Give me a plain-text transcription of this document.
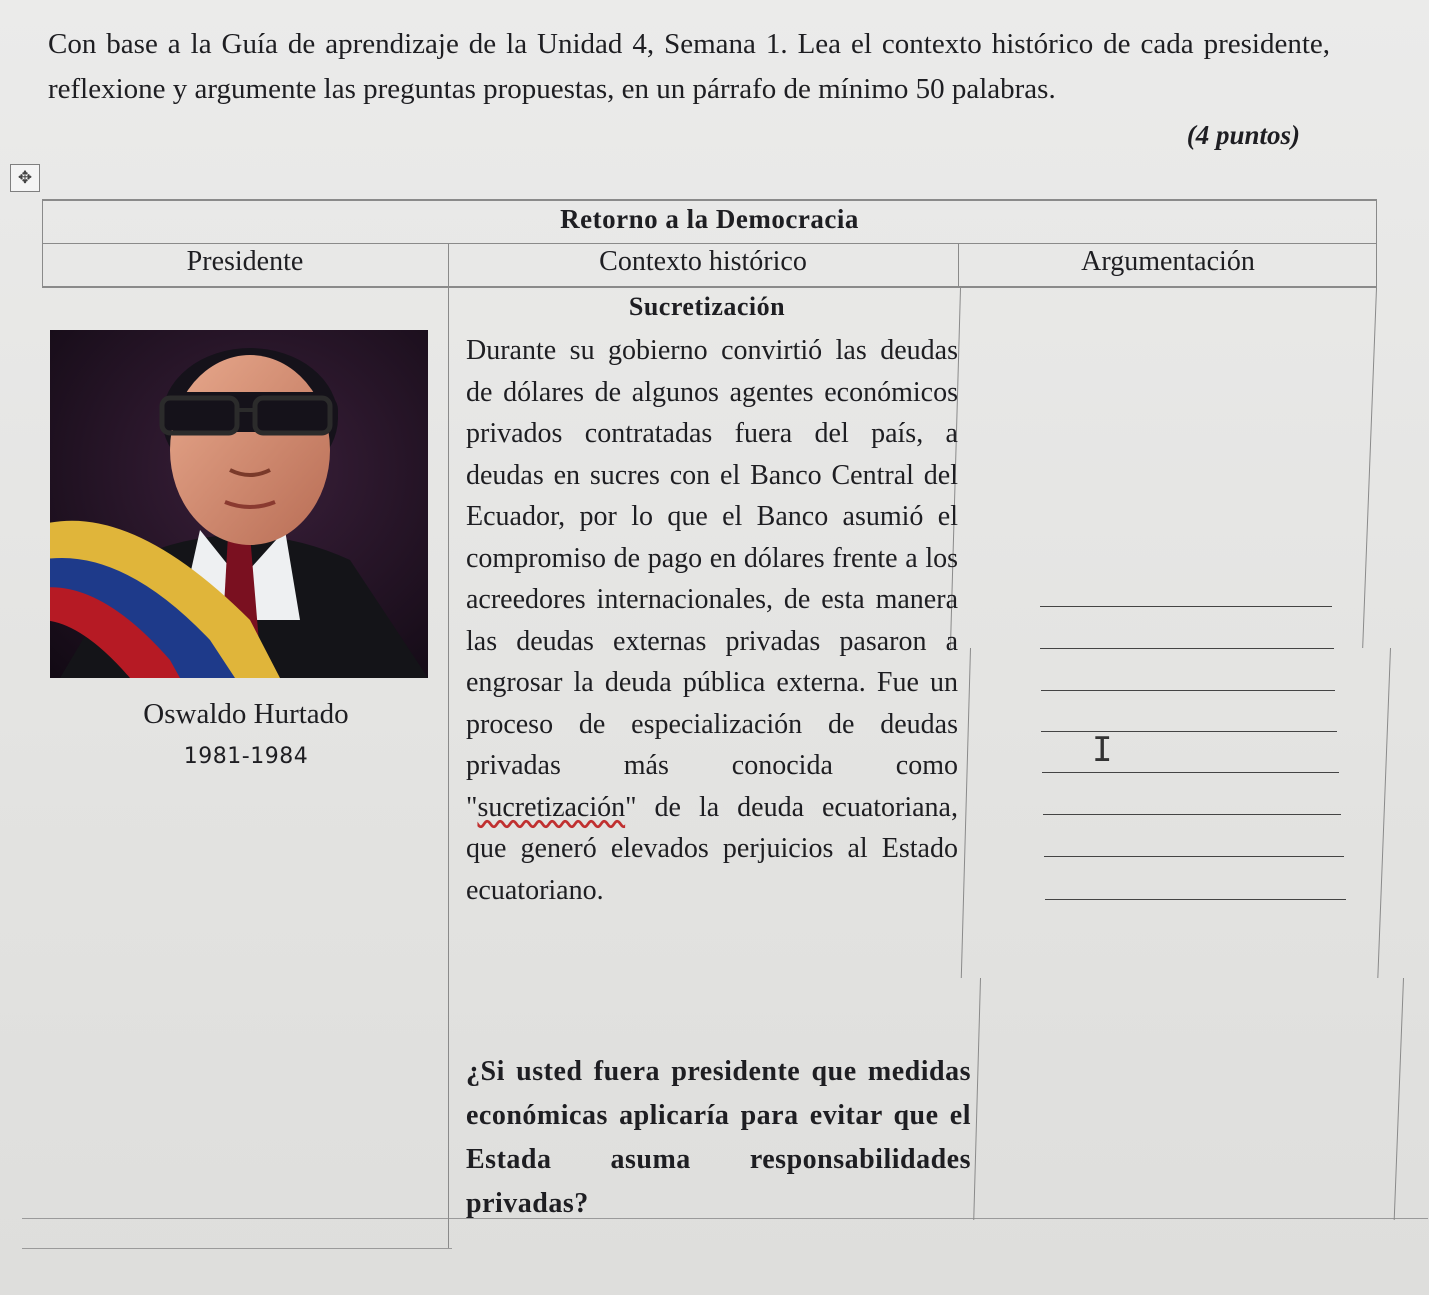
Con base a la Guía de aprendizaje de la Unidad 4, Semana 1. Lea el contexto histórico de cada presidente, reflexione y argumente las preguntas propuestas, en un párrafo de mínimo 50 palabras.

(4 puntos)
✥
Retorno a la Democracia
Presidente	Contexto histórico	Argumentación
Oswaldo Hurtado
1981-1984
Sucretización

Durante su gobierno convirtió las deudas de dólares de algunos agentes económicos privados contratadas fuera del país, a deudas en sucres con el Banco Central del Ecuador, por lo que el Banco asumió el compromiso de pago en dólares frente a los acreedores internacionales, de esta manera las deudas externas privadas pasaron a engrosar la deuda pública externa. Fue un proceso de especialización de deudas privadas más conocida como "sucretización" de la deuda ecuatoriana, que generó elevados perjuicios al Estado ecuatoriano.

¿Si usted fuera presidente que medidas económicas aplicaría para evitar que el Estada asuma responsabilidades privadas?

I
